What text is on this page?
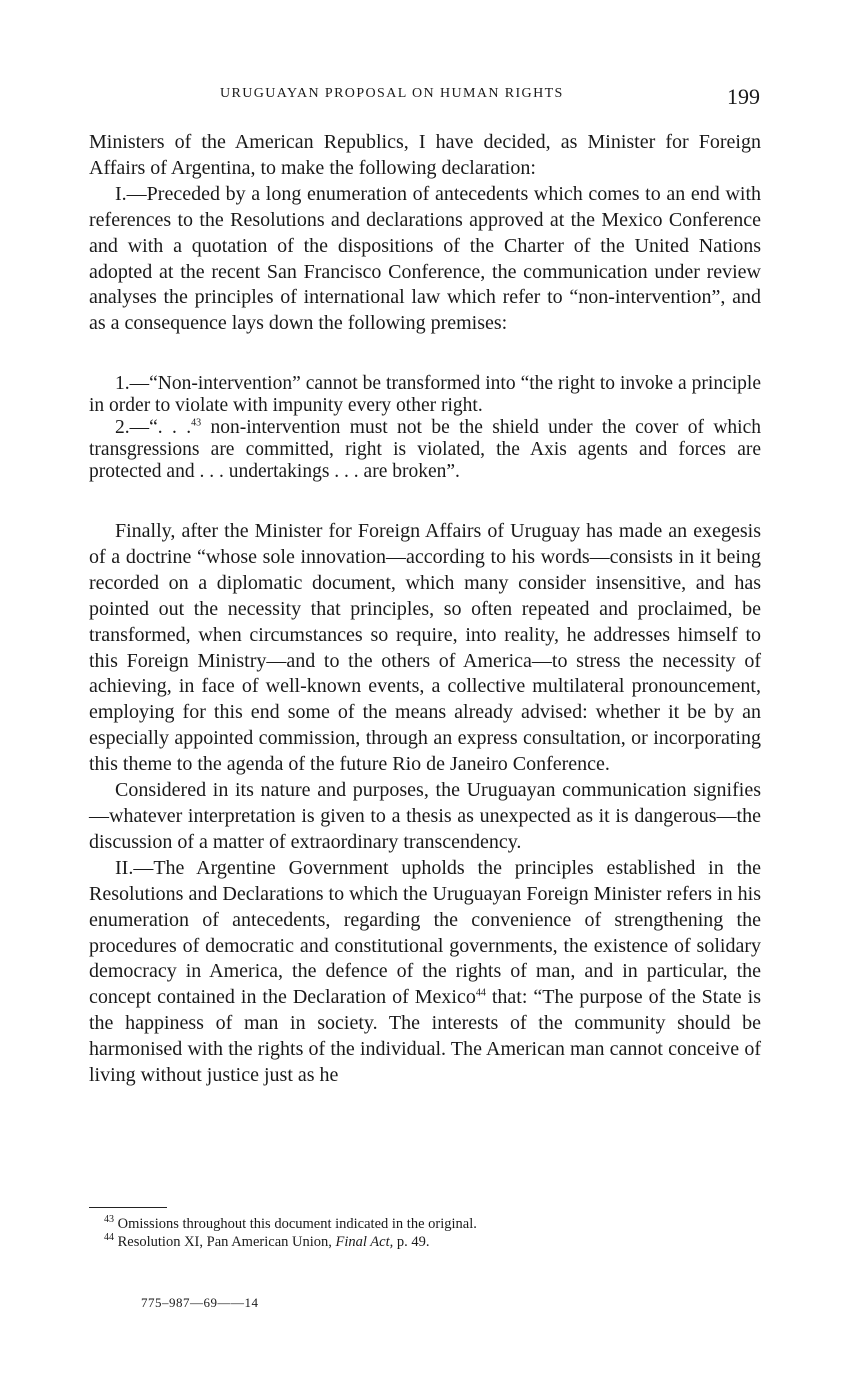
URUGUAYAN PROPOSAL ON HUMAN RIGHTS	199

Ministers of the American Republics, I have decided, as Minister for Foreign Affairs of Argentina, to make the following declaration:

I.—Preceded by a long enumeration of antecedents which comes to an end with references to the Resolutions and declarations approved at the Mexico Conference and with a quotation of the dispositions of the Charter of the United Nations adopted at the recent San Francisco Conference, the communication under review analyses the principles of international law which refer to “non-intervention”, and as a consequence lays down the following premises:

1.—“Non-intervention” cannot be transformed into “the right to invoke a principle in order to violate with impunity every other right.

2.—“. . .$^{43}$ non-intervention must not be the shield under the cover of which transgressions are committed, right is violated, the Axis agents and forces are protected and . . . undertakings . . . are broken”.

Finally, after the Minister for Foreign Affairs of Uruguay has made an exegesis of a doctrine “whose sole innovation—according to his words—consists in it being recorded on a diplomatic document, which many consider insensitive, and has pointed out the necessity that principles, so often repeated and proclaimed, be transformed, when circumstances so require, into reality, he addresses himself to this Foreign Ministry—and to the others of America—to stress the necessity of achieving, in face of well-known events, a collective multilateral pronouncement, employing for this end some of the means already advised: whether it be by an especially appointed commission, through an express consultation, or incorporating this theme to the agenda of the future Rio de Janeiro Conference.

Considered in its nature and purposes, the Uruguayan communication signifies—whatever interpretation is given to a thesis as unexpected as it is dangerous—the discussion of a matter of extraordinary transcendency.

II.—The Argentine Government upholds the principles established in the Resolutions and Declarations to which the Uruguayan Foreign Minister refers in his enumeration of antecedents, regarding the convenience of strengthening the procedures of democratic and constitutional governments, the existence of solidary democracy in America, the defence of the rights of man, and in particular, the concept contained in the Declaration of Mexico$^{44}$ that: “The purpose of the State is the happiness of man in society. The interests of the community should be harmonised with the rights of the individual. The American man cannot conceive of living without justice just as he

$^{43}$ Omissions throughout this document indicated in the original.

$^{44}$ Resolution XI, Pan American Union, Final Act, p. 49.

775–987—69——14
